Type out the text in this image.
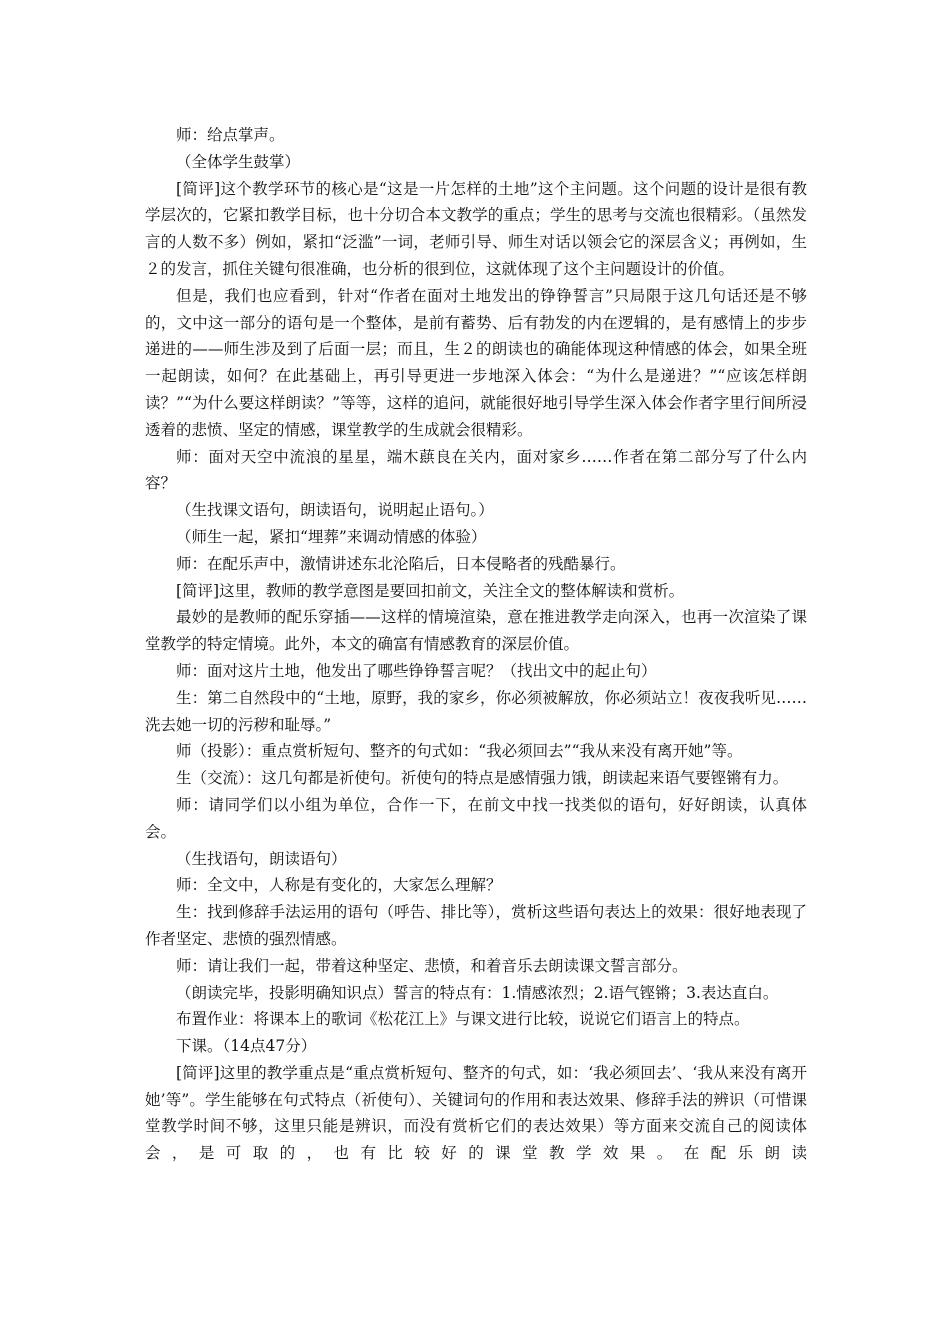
师：给点掌声。

（全体学生鼓掌）

[简评]这个教学环节的核心是“这是一片怎样的土地”这个主问题。这个问题的设计是很有教学层次的，它紧扣教学目标，也十分切合本文教学的重点；学生的思考与交流也很精彩。（虽然发言的人数不多）例如，紧扣“泛滥”一词，老师引导、师生对话以领会它的深层含义；再例如，生２的发言，抓住关键句很准确，也分析的很到位，这就体现了这个主问题设计的价值。

但是，我们也应看到，针对“作者在面对土地发出的铮铮誓言”只局限于这几句话还是不够的，文中这一部分的语句是一个整体，是前有蓄势、后有勃发的内在逻辑的，是有感情上的步步递进的——师生涉及到了后面一层；而且，生２的朗读也的确能体现这种情感的体会，如果全班一起朗读，如何？在此基础上，再引导更进一步地深入体会：“为什么是递进？”“应该怎样朗读？”“为什么要这样朗读？”等等，这样的追问，就能很好地引导学生深入体会作者字里行间所浸透着的悲愤、坚定的情感，课堂教学的生成就会很精彩。

师：面对天空中流浪的星星，端木蕻良在关内，面对家乡……作者在第二部分写了什么内容？

（生找课文语句，朗读语句，说明起止语句。）

（师生一起，紧扣“埋葬”来调动情感的体验）

师：在配乐声中，激情讲述东北沦陷后，日本侵略者的残酷暴行。

[简评]这里，教师的教学意图是要回扣前文，关注全文的整体解读和赏析。

最妙的是教师的配乐穿插——这样的情境渲染，意在推进教学走向深入，也再一次渲染了课堂教学的特定情境。此外，本文的确富有情感教育的深层价值。

师：面对这片土地，他发出了哪些铮铮誓言呢？（找出文中的起止句）

生：第二自然段中的“土地，原野，我的家乡，你必须被解放，你必须站立！夜夜我听见……洗去她一切的污秽和耻辱。”

师（投影）：重点赏析短句、整齐的句式如：“我必须回去”“我从来没有离开她”等。

生（交流）：这几句都是祈使句。祈使句的特点是感情强力饿，朗读起来语气要铿锵有力。

师：请同学们以小组为单位，合作一下，在前文中找一找类似的语句，好好朗读，认真体会。

（生找语句，朗读语句）

师：全文中，人称是有变化的，大家怎么理解？

生：找到修辞手法运用的语句（呼告、排比等），赏析这些语句表达上的效果：很好地表现了作者坚定、悲愤的强烈情感。

师：请让我们一起，带着这种坚定、悲愤，和着音乐去朗读课文誓言部分。

（朗读完毕，投影明确知识点）誓言的特点有：1.情感浓烈；2.语气铿锵；3.表达直白。

布置作业：将课本上的歌词《松花江上》与课文进行比较，说说它们语言上的特点。

下课。（14点47分）

[简评]这里的教学重点是“重点赏析短句、整齐的句式，如：‘我必须回去’、‘我从来没有离开她’等”。学生能够在句式特点（祈使句）、关键词句的作用和表达效果、修辞手法的辨识（可惜课堂教学时间不够，这里只能是辨识，而没有赏析它们的表达效果）等方面来交流自己的阅读体会，是可取的，也有比较好的课堂教学效果。在配乐朗读
